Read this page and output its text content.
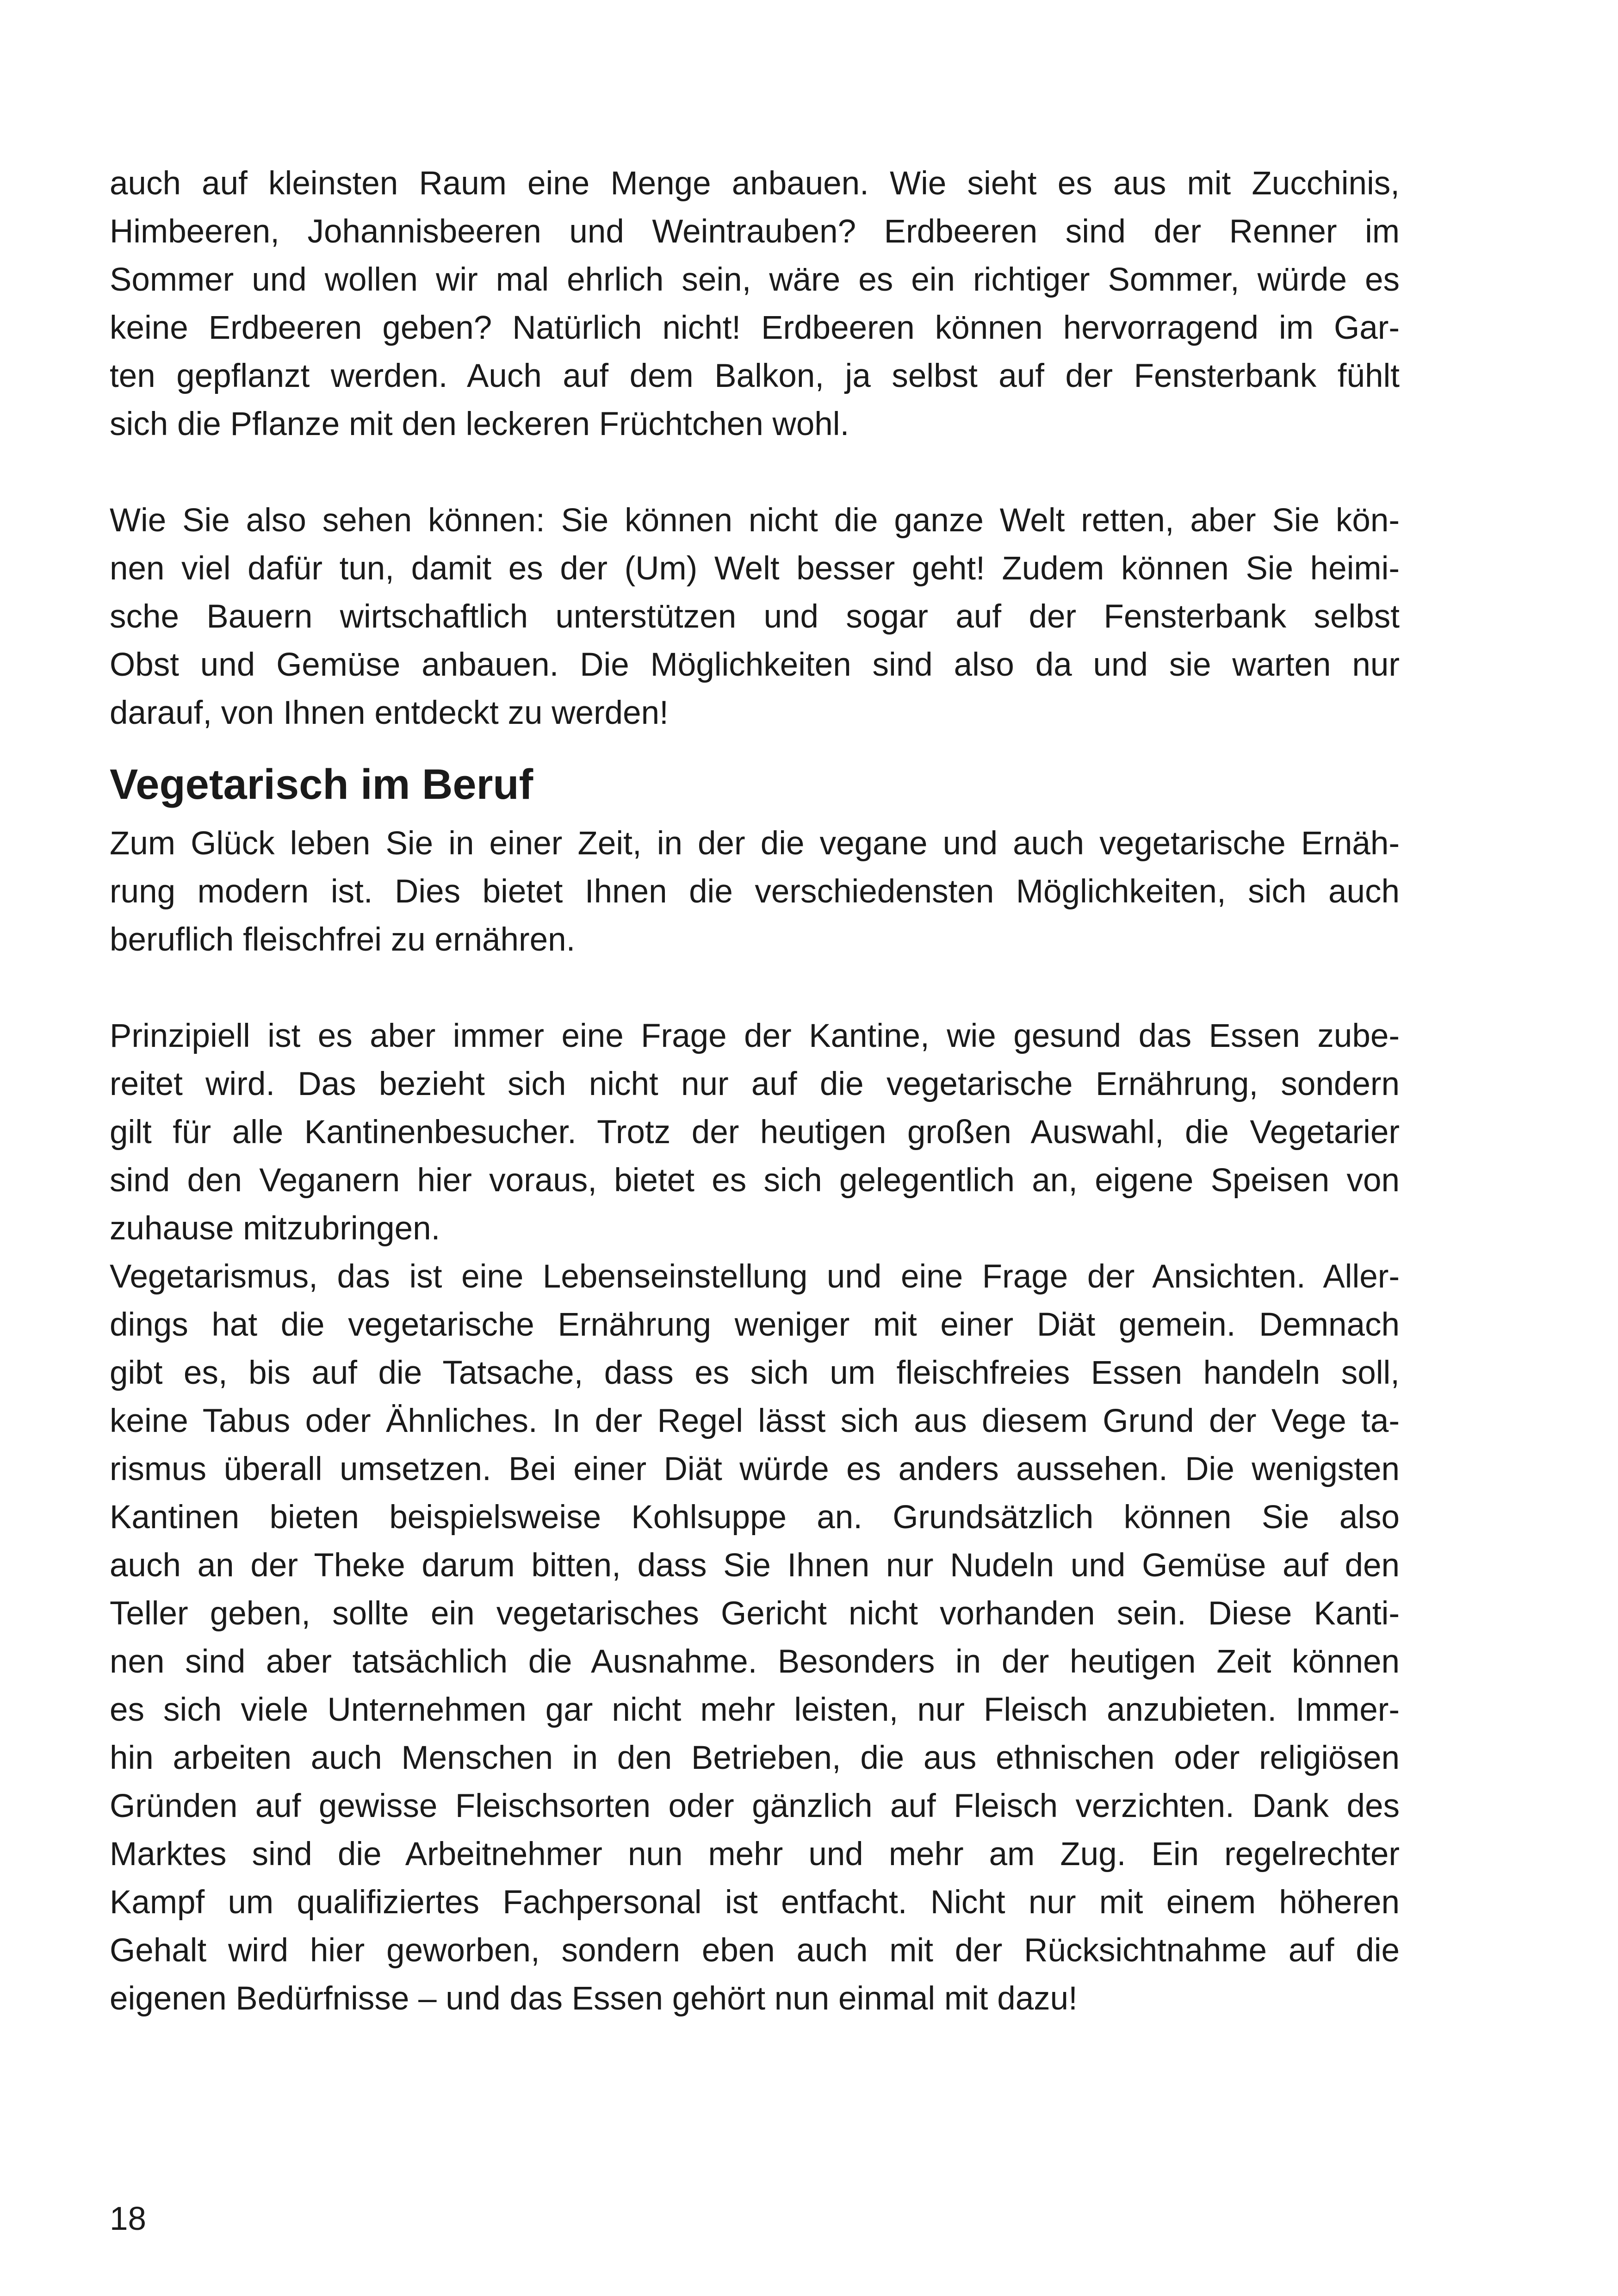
auch auf kleinsten Raum eine Menge anbauen. Wie sieht es aus mit Zucchinis,
Himbeeren, Johannisbeeren und Weintrauben? Erdbeeren sind der Renner im
Sommer und wollen wir mal ehrlich sein, wäre es ein richtiger Sommer, würde es
keine Erdbeeren geben? Natürlich nicht! Erdbeeren können hervorragend im Gar-
ten gepflanzt werden. Auch auf dem Balkon, ja selbst auf der Fensterbank fühlt
sich die Pflanze mit den leckeren Früchtchen wohl.
Wie Sie also sehen können: Sie können nicht die ganze Welt retten, aber Sie kön-
nen viel dafür tun, damit es der (Um) Welt besser geht! Zudem können Sie heimi-
sche Bauern wirtschaftlich unterstützen und sogar auf der Fensterbank selbst
Obst und Gemüse anbauen. Die Möglichkeiten sind also da und sie warten nur
darauf, von Ihnen entdeckt zu werden!
Vegetarisch im Beruf
Zum Glück leben Sie in einer Zeit, in der die vegane und auch vegetarische Ernäh-
rung modern ist. Dies bietet Ihnen die verschiedensten Möglichkeiten, sich auch
beruflich fleischfrei zu ernähren.
Prinzipiell ist es aber immer eine Frage der Kantine, wie gesund das Essen zube-
reitet wird. Das bezieht sich nicht nur auf die vegetarische Ernährung, sondern
gilt für alle Kantinenbesucher. Trotz der heutigen großen Auswahl, die Vegetarier
sind den Veganern hier voraus, bietet es sich gelegentlich an, eigene Speisen von
zuhause mitzubringen.
Vegetarismus, das ist eine Lebenseinstellung und eine Frage der Ansichten. Aller-
dings hat die vegetarische Ernährung weniger mit einer Diät gemein. Demnach
gibt es, bis auf die Tatsache, dass es sich um fleischfreies Essen handeln soll,
keine Tabus oder Ähnliches. In der Regel lässt sich aus diesem Grund der Vege ta-
rismus überall umsetzen. Bei einer Diät würde es anders aussehen. Die wenigsten
Kantinen bieten beispielsweise Kohlsuppe an. Grundsätzlich können Sie also
auch an der Theke darum bitten, dass Sie Ihnen nur Nudeln und Gemüse auf den
Teller geben, sollte ein vegetarisches Gericht nicht vorhanden sein. Diese Kanti-
nen sind aber tatsächlich die Ausnahme. Besonders in der heutigen Zeit können
es sich viele Unternehmen gar nicht mehr leisten, nur Fleisch anzubieten. Immer-
hin arbeiten auch Menschen in den Betrieben, die aus ethnischen oder religiösen
Gründen auf gewisse Fleischsorten oder gänzlich auf Fleisch verzichten. Dank des
Marktes sind die Arbeitnehmer nun mehr und mehr am Zug. Ein regelrechter
Kampf um qualifiziertes Fachpersonal ist entfacht. Nicht nur mit einem höheren
Gehalt wird hier geworben, sondern eben auch mit der Rücksichtnahme auf die
eigenen Bedürfnisse – und das Essen gehört nun einmal mit dazu!
18
